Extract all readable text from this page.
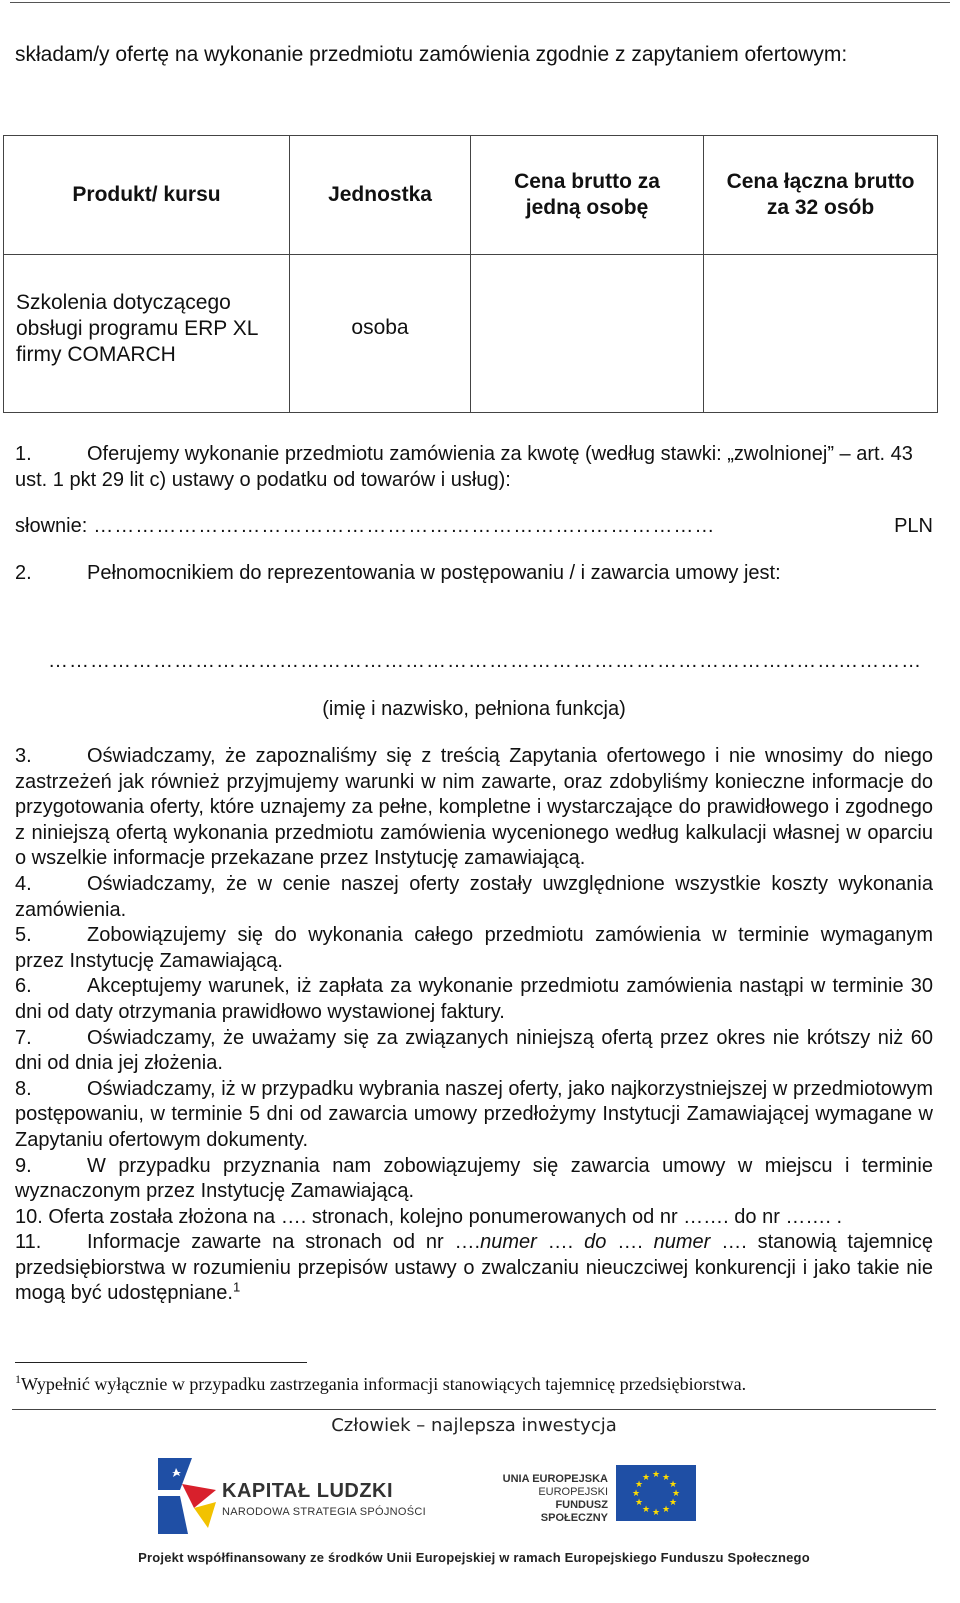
składam/y ofertę na wykonanie przedmiotu zamówienia zgodnie z zapytaniem ofertowym:
Produkt/ kursu	Jednostka	Cena brutto za jedną osobę	Cena łączna brutto za 32 osób
Szkolenia dotyczącego obsługi programu ERP XL firmy COMARCH	osoba		
1.	Oferujemy wykonanie przedmiotu zamówienia za kwotę (według stawki: „zwolnionej” – art. 43 ust. 1 pkt 29 lit c) ustawy o podatku od towarów i usług):
słownie: ……………………………………………………………..………………	PLN
2.	Pełnomocnikiem do reprezentowania w postępowaniu / i zawarcia umowy jest:
……………………………………………………………………………………………..………………
(imię i nazwisko, pełniona funkcja)

3.	Oświadczamy, że zapoznaliśmy się z treścią Zapytania ofertowego i nie wnosimy do niego zastrzeżeń jak również przyjmujemy warunki w nim zawarte, oraz zdobyliśmy konieczne informacje do przygotowania oferty, które uznajemy za pełne, kompletne i wystarczające do prawidłowego i zgodnego z niniejszą ofertą wykonania przedmiotu zamówienia wycenionego według kalkulacji własnej w oparciu o wszelkie informacje przekazane przez Instytucję zamawiającą.

4.	Oświadczamy, że w cenie naszej oferty zostały uwzględnione wszystkie koszty wykonania zamówienia.

5.	Zobowiązujemy się do wykonania całego przedmiotu zamówienia w terminie wymaganym przez Instytucję Zamawiającą.

6.	Akceptujemy warunek, iż zapłata za wykonanie przedmiotu zamówienia nastąpi w terminie 30 dni od daty otrzymania prawidłowo wystawionej faktury.

7.	Oświadczamy, że uważamy się za związanych niniejszą ofertą przez okres nie krótszy niż 60 dni od dnia jej złożenia.

8.	Oświadczamy, iż w przypadku wybrania naszej oferty, jako najkorzystniejszej w przedmiotowym postępowaniu, w terminie 5 dni od zawarcia umowy przedłożymy Instytucji Zamawiającej wymagane w Zapytaniu ofertowym dokumenty.

9.	W przypadku przyznania nam zobowiązujemy się zawarcia umowy w miejscu i terminie wyznaczonym przez Instytucję Zamawiającą.

10. Oferta została złożona na …. stronach, kolejno ponumerowanych od nr ……. do nr ……. .

11. Informacje zawarte na stronach od nr ….numer …. do …. numer …. stanowią tajemnicę przedsiębiorstwa w rozumieniu przepisów ustawy o zwalczaniu nieuczciwej konkurencji i jako takie nie mogą być udostępniane.$^1$

$^1$Wypełnić wyłącznie w przypadku zastrzegania informacji stanowiących tajemnicę przedsiębiorstwa.
Człowiek – najlepsza inwestycja
KAPITAŁ LUDZKI
NARODOWA STRATEGIA SPÓJNOŚCI
UNIA EUROPEJSKA
EUROPEJSKI
FUNDUSZ SPOŁECZNY
★ ★
★
★
★
★
★
★
★
★
★
★
Projekt współfinansowany ze środków Unii Europejskiej w ramach Europejskiego Funduszu Społecznego
